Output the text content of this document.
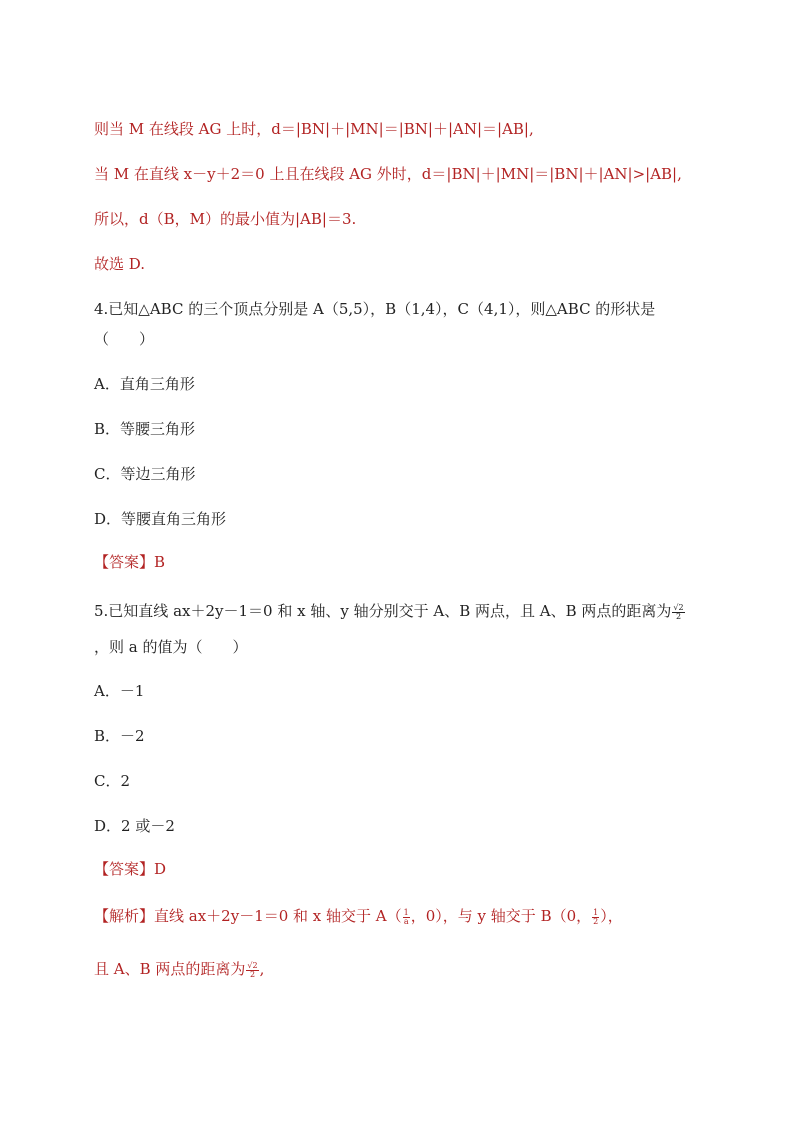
则当 M 在线段 AG 上时，d＝|BN|＋|MN|＝|BN|＋|AN|＝|AB|,
当 M 在直线 x－y＋2＝0 上且在线段 AG 外时，d＝|BN|＋|MN|＝|BN|＋|AN|>|AB|,
所以，d（B，M）的最小值为|AB|＝3.
故选 D.
4.已知△ABC 的三个顶点分别是 A（5,5），B（1,4），C（4,1），则△ABC 的形状是
（　　）
A．直角三角形
B．等腰三角形
C．等边三角形
D．等腰直角三角形
【答案】B
5.已知直线 ax＋2y－1＝0 和 x 轴、y 轴分别交于 A、B 两点，且 A、B 两点的距离为 $\frac{√2}{2}$
，则 a 的值为（　　）
A．－1
B．－2
C．2
D．2 或－2
【答案】D
【解析】直线 ax＋2y－1＝0 和 x 轴交于 $A( \frac{1}{a}$ ，0），与 y 轴交于 B（0， $\frac{1}{2}$ ），
且 A、B 两点的距离为 $\frac{√2}{2}$ ,
